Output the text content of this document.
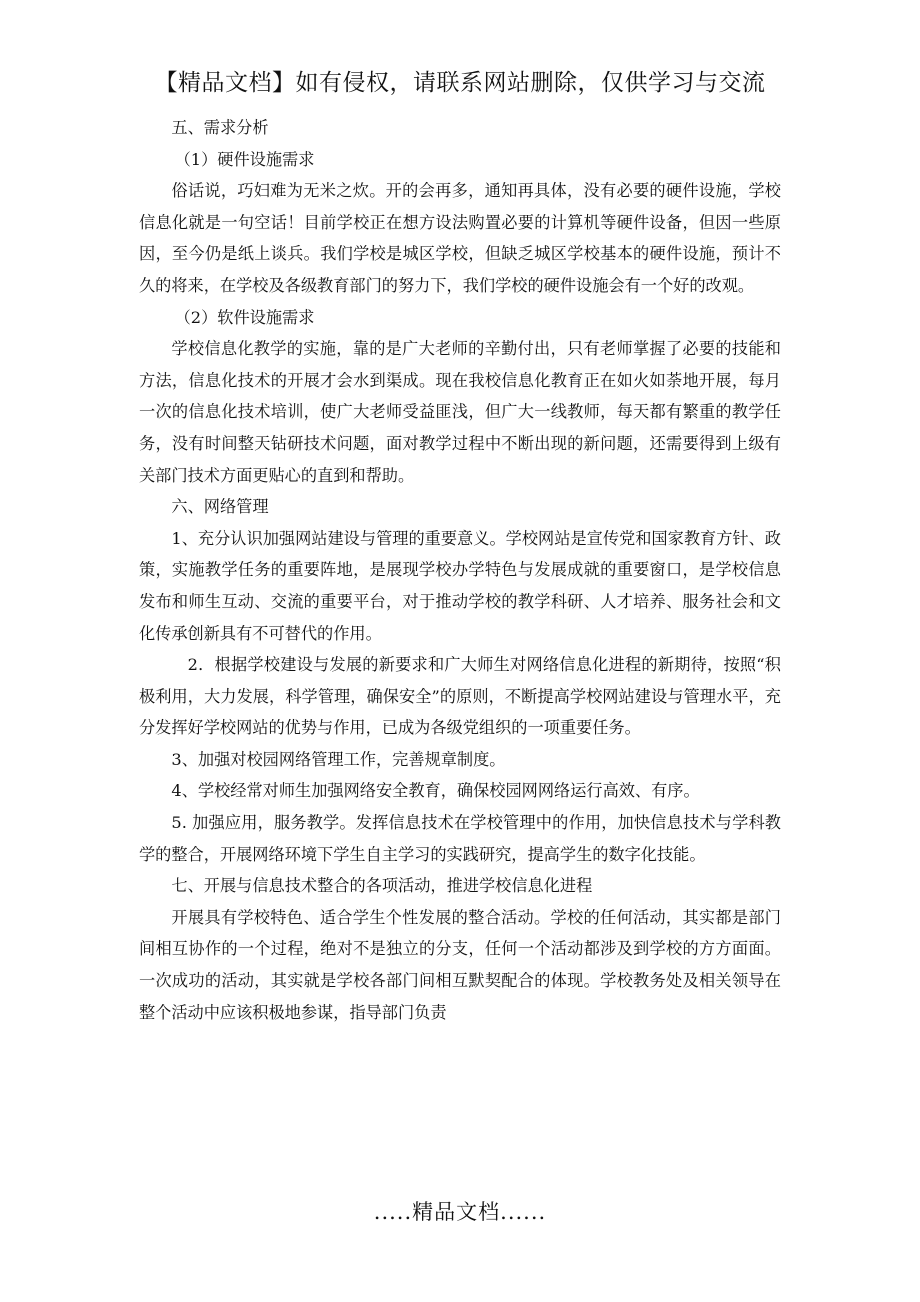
【精品文档】如有侵权，请联系网站删除，仅供学习与交流

五、需求分析

（1）硬件设施需求

俗话说，巧妇难为无米之炊。开的会再多，通知再具体，没有必要的硬件设施，学校信息化就是一句空话！目前学校正在想方设法购置必要的计算机等硬件设备，但因一些原因，至今仍是纸上谈兵。我们学校是城区学校，但缺乏城区学校基本的硬件设施，预计不久的将来，在学校及各级教育部门的努力下，我们学校的硬件设施会有一个好的改观。

（2）软件设施需求

学校信息化教学的实施，靠的是广大老师的辛勤付出，只有老师掌握了必要的技能和方法，信息化技术的开展才会水到渠成。现在我校信息化教育正在如火如荼地开展，每月一次的信息化技术培训，使广大老师受益匪浅，但广大一线教师，每天都有繁重的教学任务，没有时间整天钻研技术问题，面对教学过程中不断出现的新问题，还需要得到上级有关部门技术方面更贴心的直到和帮助。

六、网络管理

1、充分认识加强网站建设与管理的重要意义。学校网站是宣传党和国家教育方针、政策，实施教学任务的重要阵地，是展现学校办学特色与发展成就的重要窗口，是学校信息发布和师生互动、交流的重要平台，对于推动学校的教学科研、人才培养、服务社会和文化传承创新具有不可替代的作用。

2．根据学校建设与发展的新要求和广大师生对网络信息化进程的新期待，按照“积极利用，大力发展，科学管理，确保安全”的原则，不断提高学校网站建设与管理水平，充分发挥好学校网站的优势与作用，已成为各级党组织的一项重要任务。

3、加强对校园网络管理工作，完善规章制度。

4、学校经常对师生加强网络安全教育，确保校园网网络运行高效、有序。

5. 加强应用，服务教学。发挥信息技术在学校管理中的作用，加快信息技术与学科教学的整合，开展网络环境下学生自主学习的实践研究，提高学生的数字化技能。

七、开展与信息技术整合的各项活动，推进学校信息化进程

开展具有学校特色、适合学生个性发展的整合活动。学校的任何活动，其实都是部门间相互协作的一个过程，绝对不是独立的分支，任何一个活动都涉及到学校的方方面面。一次成功的活动，其实就是学校各部门间相互默契配合的体现。学校教务处及相关领导在整个活动中应该积极地参谋，指导部门负责

.....精品文档......
